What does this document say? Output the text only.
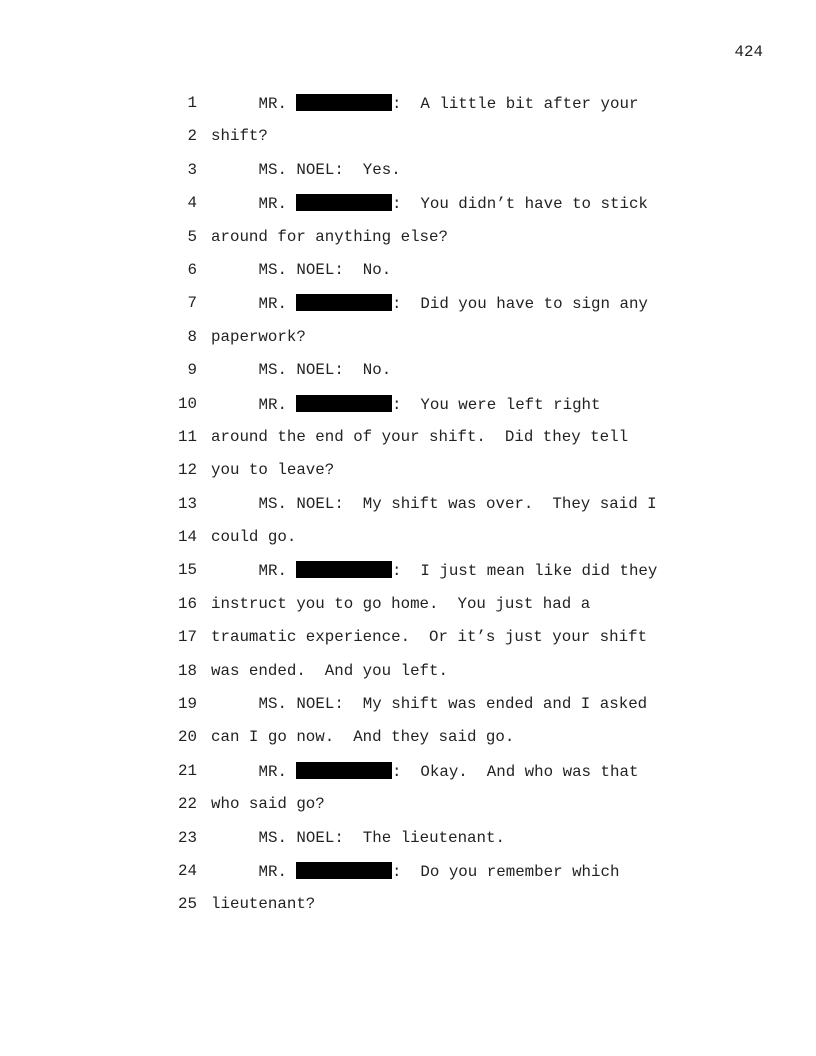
424
1	MR.	:  A little bit after your
2 shift?
3	MS. NOEL:  Yes.
4	MR.	:  You didn’t have to stick
5 around for anything else?
6	MS. NOEL:  No.
7	MR.	:  Did you have to sign any
8 paperwork?
9	MS. NOEL:  No.
10	MR.	:  You were left right
11 around the end of your shift.  Did they tell
12 you to leave?
13	MS. NOEL:  My shift was over.  They said I
14 could go.
15	MR.	:  I just mean like did they
16 instruct you to go home.  You just had a
17 traumatic experience.  Or it’s just your shift
18 was ended.  And you left.
19	MS. NOEL:  My shift was ended and I asked
20 can I go now.  And they said go.
21	MR.	:  Okay.  And who was that
22 who said go?
23	MS. NOEL:  The lieutenant.
24	MR.	:  Do you remember which
25 lieutenant?
